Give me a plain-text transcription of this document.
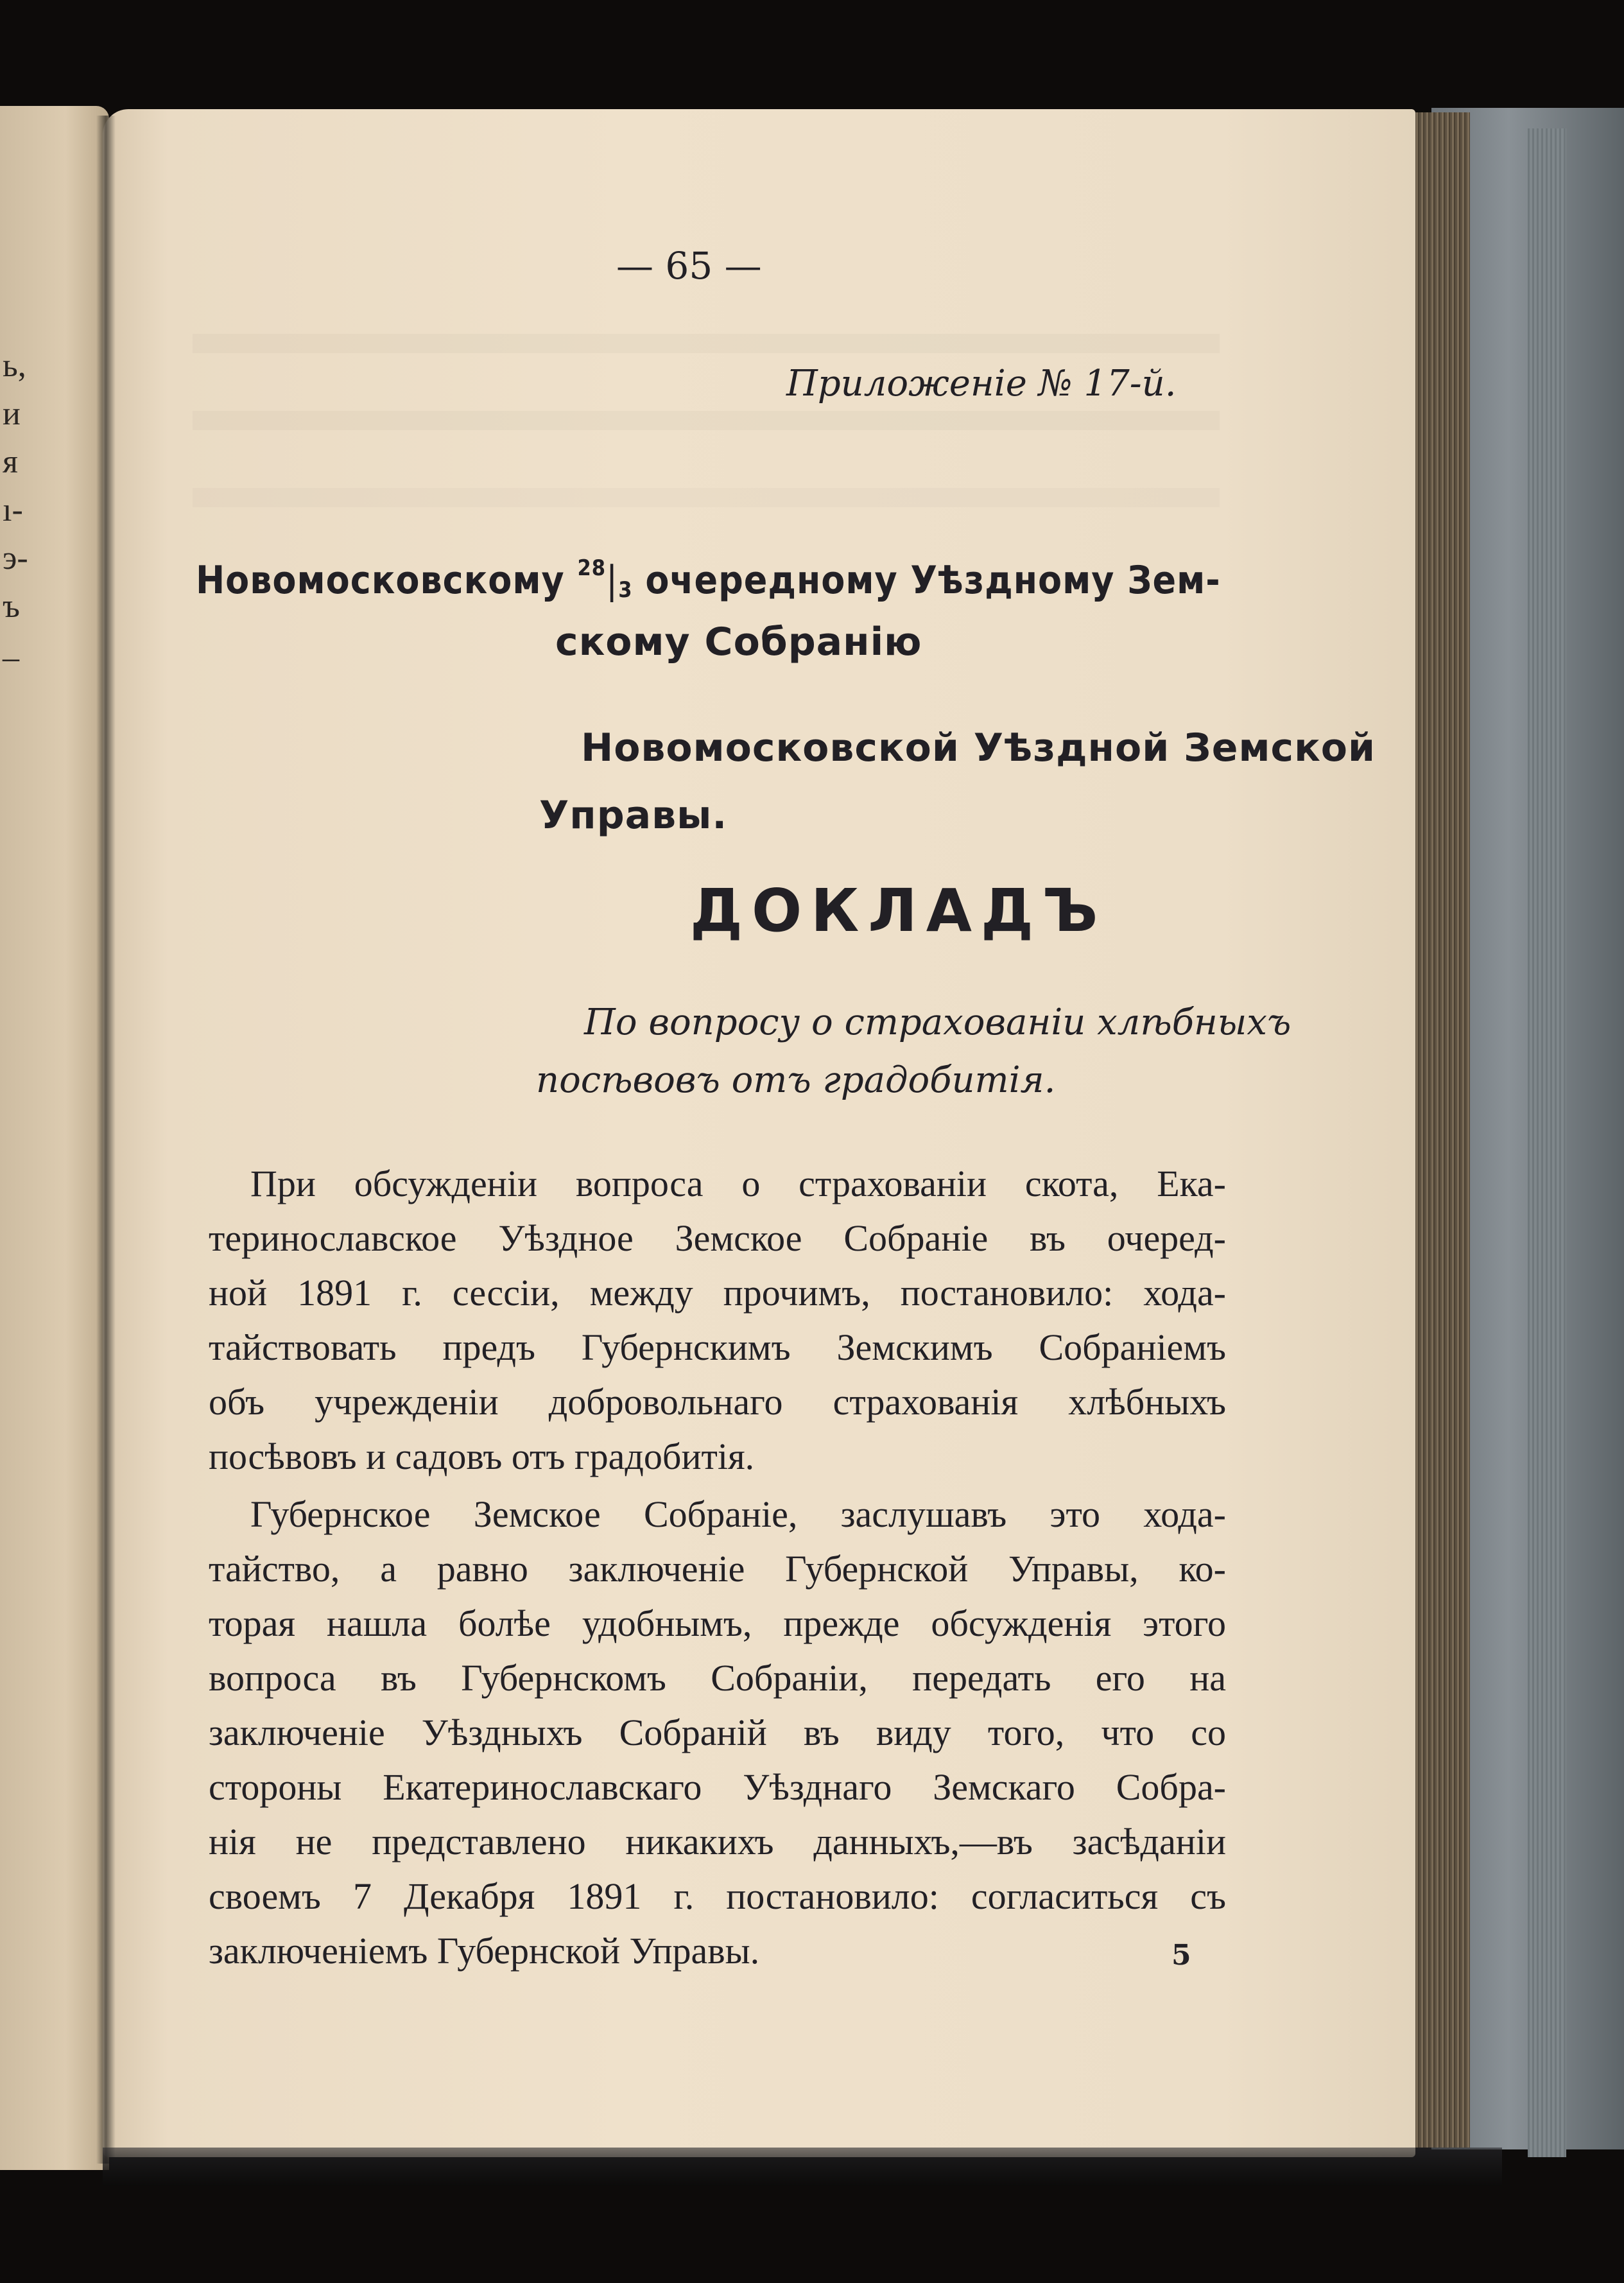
ь,
и
я
ı-
э-
ъ
–
— 65 —
Приложенiе № 17-й.
Новомосковскому $^{28}|_3$ очередному Уѣздному Зем-
скому Собранiю
Новомосковской Уѣздной Земской
Управы.
ДОКЛАДЪ
По вопросу о страхованiи хлѣбныхъ
посѣвовъ отъ градобитiя.
При обсужденiи вопроса о страхованiи скота, Ека-
теринославское Уѣздное Земское Собранiе въ очеред-
ной 1891 г. сессiи, между прочимъ, постановило: хода-
тайствовать предъ Губернскимъ Земскимъ Собранiемъ
объ учрежденiи добровольнаго страхованiя хлѣбныхъ
посѣвовъ и садовъ отъ градобитiя.
Губернское Земское Собранiе, заслушавъ это хода-
тайство, а равно заключенiе Губернской Управы, ко-
торая нашла болѣе удобнымъ, прежде обсужденiя этого
вопроса въ Губернскомъ Собранiи, передать его на
заключенiе Уѣздныхъ Собранiй въ виду того, что со
стороны Екатеринославскаго Уѣзднаго Земскаго Собра-
нiя не представлено никакихъ данныхъ,—въ засѣданiи
своемъ 7 Декабря 1891 г. постановило: согласиться съ
заключенiемъ Губернской Управы.	5
